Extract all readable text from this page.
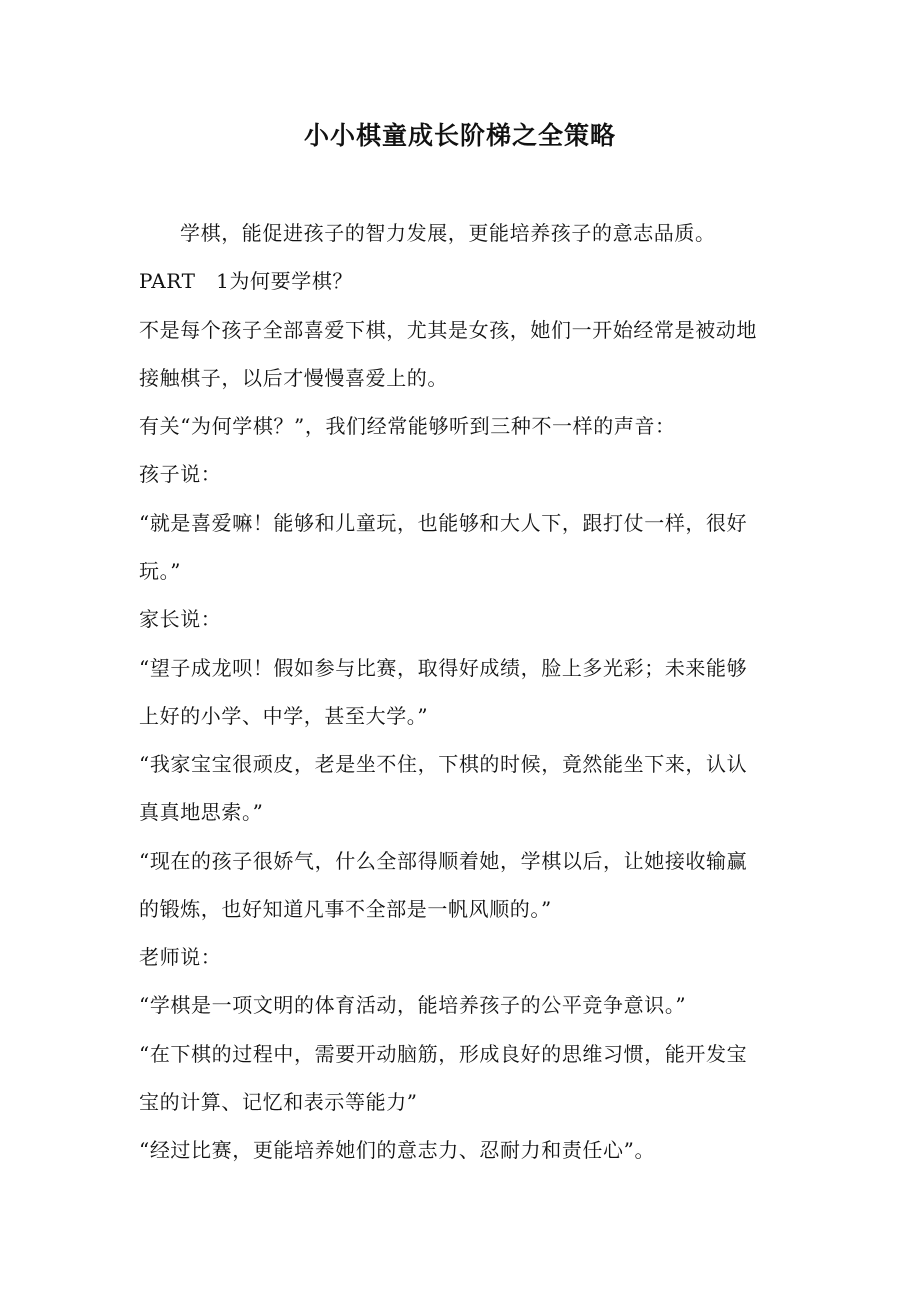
小小棋童成长阶梯之全策略
学棋，能促进孩子的智力发展，更能培养孩子的意志品质。
PART　1为何要学棋？
不是每个孩子全部喜爱下棋，尤其是女孩，她们一开始经常是被动地
接触棋子，以后才慢慢喜爱上的。
有关“为何学棋？”，我们经常能够听到三种不一样的声音：
孩子说：
“就是喜爱嘛！能够和儿童玩，也能够和大人下，跟打仗一样，很好
玩。”
家长说：
“望子成龙呗！假如参与比赛，取得好成绩，脸上多光彩；未来能够
上好的小学、中学，甚至大学。”
“我家宝宝很顽皮，老是坐不住，下棋的时候，竟然能坐下来，认认
真真地思索。”
“现在的孩子很娇气，什么全部得顺着她，学棋以后，让她接收输赢
的锻炼，也好知道凡事不全部是一帆风顺的。”
老师说：
“学棋是一项文明的体育活动，能培养孩子的公平竞争意识。”
“在下棋的过程中，需要开动脑筋，形成良好的思维习惯，能开发宝
宝的计算、记忆和表示等能力”
“经过比赛，更能培养她们的意志力、忍耐力和责任心”。
